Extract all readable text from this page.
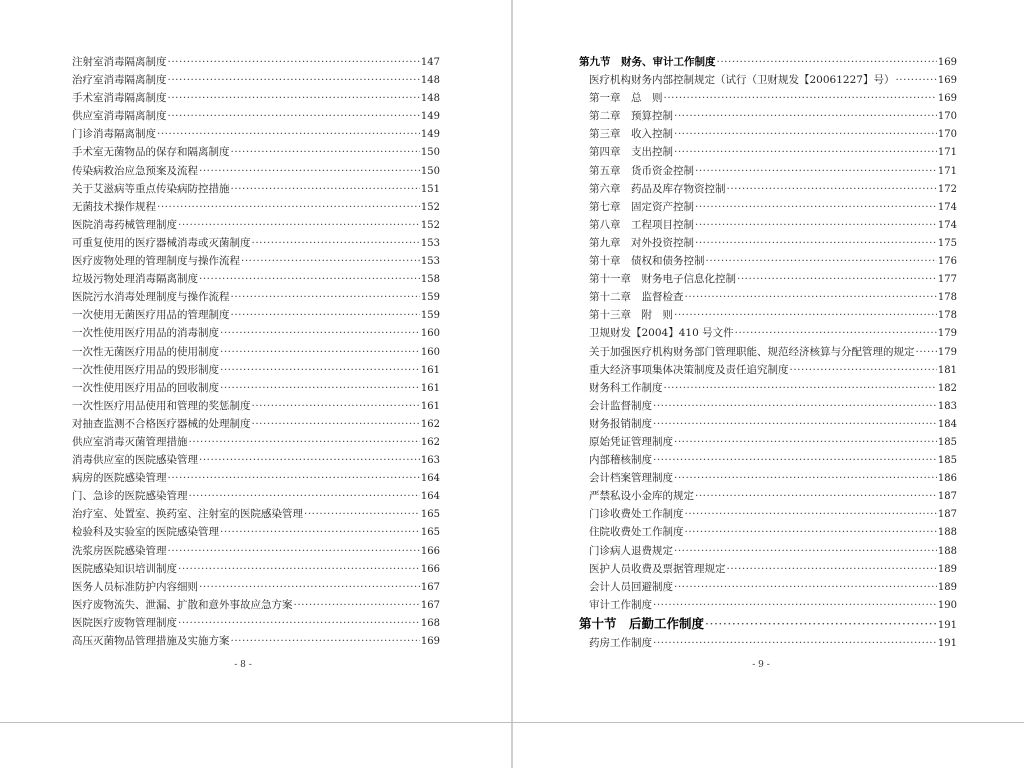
注射室消毒隔离制度 ·····	147
治疗室消毒隔离制度 ·····	148
手术室消毒隔离制度 ·····	148
供应室消毒隔离制度 ·····	149
门诊消毒隔离制度 ·····	149
手术室无菌物品的保存和隔离制度 ·····	150
传染病救治应急预案及流程 ·····	150
关于艾滋病等重点传染病防控措施 ·····	151
无菌技术操作规程 ·····	152
医院消毒药械管理制度 ·····	152
可重复使用的医疗器械消毒或灭菌制度 ·····	153
医疗废物处理的管理制度与操作流程 ·····	153
垃圾污物处理消毒隔离制度 ·····	158
医院污水消毒处理制度与操作流程 ·····	159
一次使用无菌医疗用品的管理制度 ·····	159
一次性使用医疗用品的消毒制度 ·····	160
一次性无菌医疗用品的使用制度 ·····	160
一次性使用医疗用品的毁形制度 ·····	161
一次性使用医疗用品的回收制度 ·····	161
一次性医疗用品使用和管理的奖惩制度 ·····	161
对抽查监测不合格医疗器械的处理制度 ·····	162
供应室消毒灭菌管理措施 ·····	162
消毒供应室的医院感染管理 ·····	163
病房的医院感染管理 ·····	164
门、急诊的医院感染管理 ·····	164
治疗室、处置室、换药室、注射室的医院感染管理 ·····	165
检验科及实验室的医院感染管理 ·····	165
洗浆房医院感染管理 ·····	166
医院感染知识培训制度 ·····	166
医务人员标准防护内容细则 ·····	167
医疗废物流失、泄漏、扩散和意外事故应急方案 ·····	167
医院医疗废物管理制度 ·····	168
高压灭菌物品管理措施及实施方案 ·····	169
- 8 -
第九节　财务、审计工作制度 ·····	169
医疗机构财务内部控制规定（试行（卫财规发【20061227】号） ·····	169
第一章　总　则 ·····	169
第二章　预算控制 ·····	170
第三章　收入控制 ·····	170
第四章　支出控制 ·····	171
第五章　货币资金控制 ·····	171
第六章　药品及库存物资控制 ·····	172
第七章　固定资产控制 ·····	174
第八章　工程项目控制 ·····	174
第九章　对外投资控制 ·····	175
第十章　债权和债务控制 ·····	176
第十一章　财务电子信息化控制 ·····	177
第十二章　监督检查 ·····	178
第十三章　附　则 ·····	178
卫规财发【2004】410 号文件 ·····	179
关于加强医疗机构财务部门管理职能、规范经济核算与分配管理的规定 ····· 179
重大经济事项集体决策制度及责任追究制度 ·····	181
财务科工作制度 ·····	182
会计监督制度 ·····	183
财务报销制度 ·····	184
原始凭证管理制度 ·····	185
内部稽核制度 ·····	185
会计档案管理制度 ·····	186
严禁私设小金库的规定 ·····	187
门诊收费处工作制度 ·····	187
住院收费处工作制度 ·····	188
门诊病人退费规定 ·····	188
医护人员收费及票据管理规定 ·····	189
会计人员回避制度 ·····	189
审计工作制度 ·····	190
第十节　后勤工作制度 ·····	191
药房工作制度 ·····	191
- 9 -
